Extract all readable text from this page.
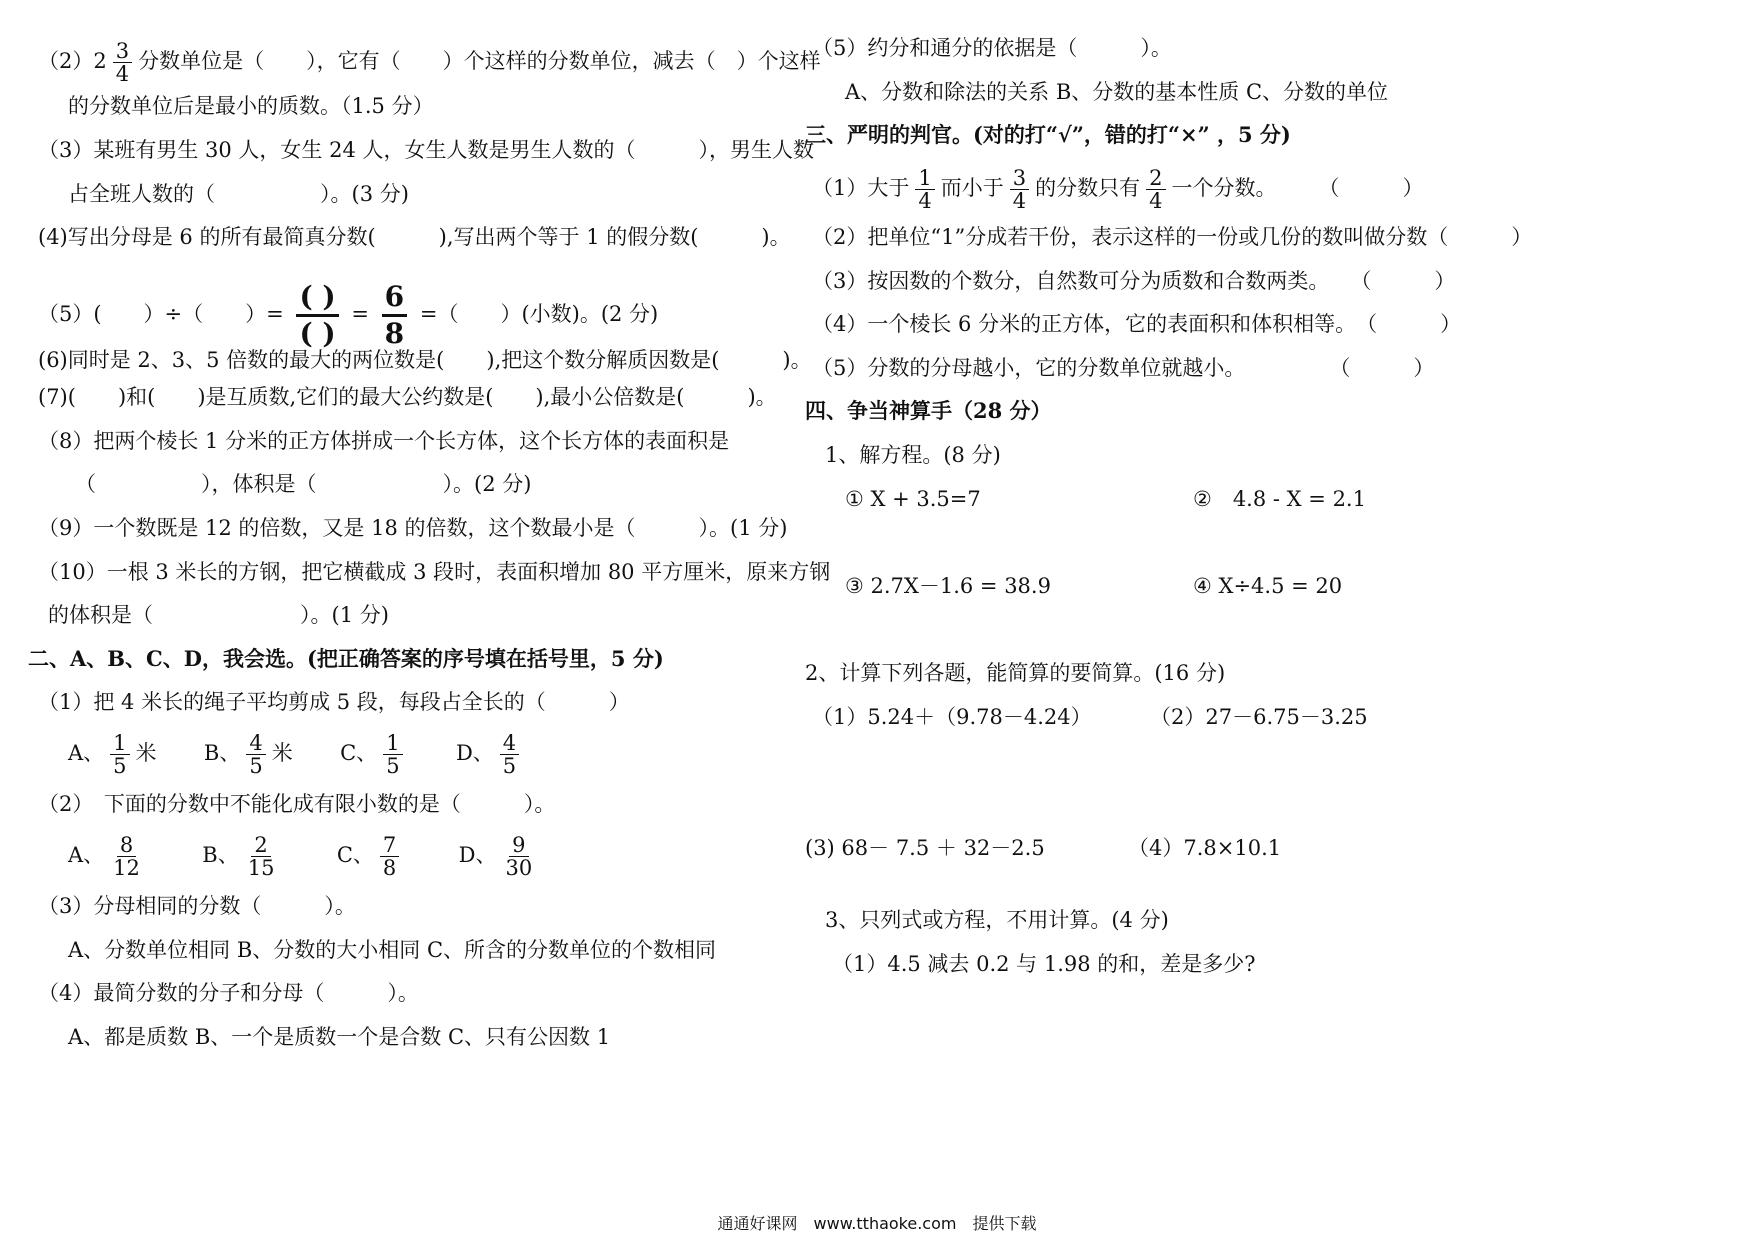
$(2)2 \frac{3}{4}$ 分数单位是（　　），它有（　　）个这样的分数单位，减去（　）个这样
的分数单位后是最小的质数。（1.5 分）
（3）某班有男生 30 人，女生 24 人，女生人数是男生人数的（　　　），男生人数
占全班人数的（　　　　　）。(3 分)
(4)写出分母是 6 的所有最简真分数(　　　),写出两个等于 1 的假分数(　　　)。
（5）(　　）÷（　　）= $\frac{( )}{( )} = \frac{6}{8}$ =（　　）(小数)。(2 分)
(6)同时是 2、3、5 倍数的最大的两位数是(　　),把这个数分解质因数是(　　　)。
(7)(　　)和(　　)是互质数,它们的最大公约数是(　　),最小公倍数是(　　　)。
（8）把两个棱长 1 分米的正方体拼成一个长方体，这个长方体的表面积是
（　　　　　），体积是（　　　　　　）。(2 分)
（9）一个数既是 12 的倍数，又是 18 的倍数，这个数最小是（　　　）。(1 分)
（10）一根 3 米长的方钢，把它横截成 3 段时，表面积增加 80 平方厘米，原来方钢
的体积是（　　　　　　　）。(1 分)
二、A、B、C、D，我会选。(把正确答案的序号填在括号里，5 分)
（1）把 4 米长的绳子平均剪成 5 段，每段占全长的（　　　）
A、 $\frac{1}{5}$ 米 B、 $\frac{4}{5}$ 米 C、 $\frac{1}{5}$	D、 $\frac{4}{5}$
（2）　下面的分数中不能化成有限小数的是（　　　）。
A、 $\frac{8}{12}$	B、 $\frac{2}{15}$	C、 $\frac{7}{8}$	D、 $\frac{9}{30}$
（3）分母相同的分数（　　　）。
A、分数单位相同 B、分数的大小相同 C、所含的分数单位的个数相同
（4）最简分数的分子和分母（　　　）。
A、都是质数 B、一个是质数一个是合数 C、只有公因数 1
（5）约分和通分的依据是（　　　）。
A、分数和除法的关系 B、分数的基本性质 C、分数的单位
三、严明的判官。(对的打“√”，错的打“×” ，5 分)
（1）大于 $\frac{1}{4}$ 而小于 $\frac{3}{4}$ 的分数只有 $\frac{2}{4}$ 一个分数。　　　（　　　）
（2）把单位“1”分成若干份，表示这样的一份或几份的数叫做分数（　　　）
（3）按因数的个数分，自然数可分为质数和合数两类。　　（　　　）
（4）一个棱长 6 分米的正方体，它的表面积和体积相等。　（　　　）
（5）分数的分母越小，它的分数单位就越小。　　　　　（　　　）
四、争当神算手（28 分）
1、解方程。(8 分)
① X + 3.5=7	②　4.8 - X = 2.1
③ 2.7X－1.6 = 38.9	④ X÷4.5 = 20
2、计算下列各题，能简算的要简算。(16 分)
（1）5.24＋（9.78－4.24）	（2）27－6.75－3.25
(3) 68－ 7.5 ＋ 32－2.5	（4）7.8×10.1
3、只列式或方程，不用计算。(4 分)
（1）4.5 减去 0.2 与 1.98 的和，差是多少?
通通好课网　www.tthaoke.com　提供下载
